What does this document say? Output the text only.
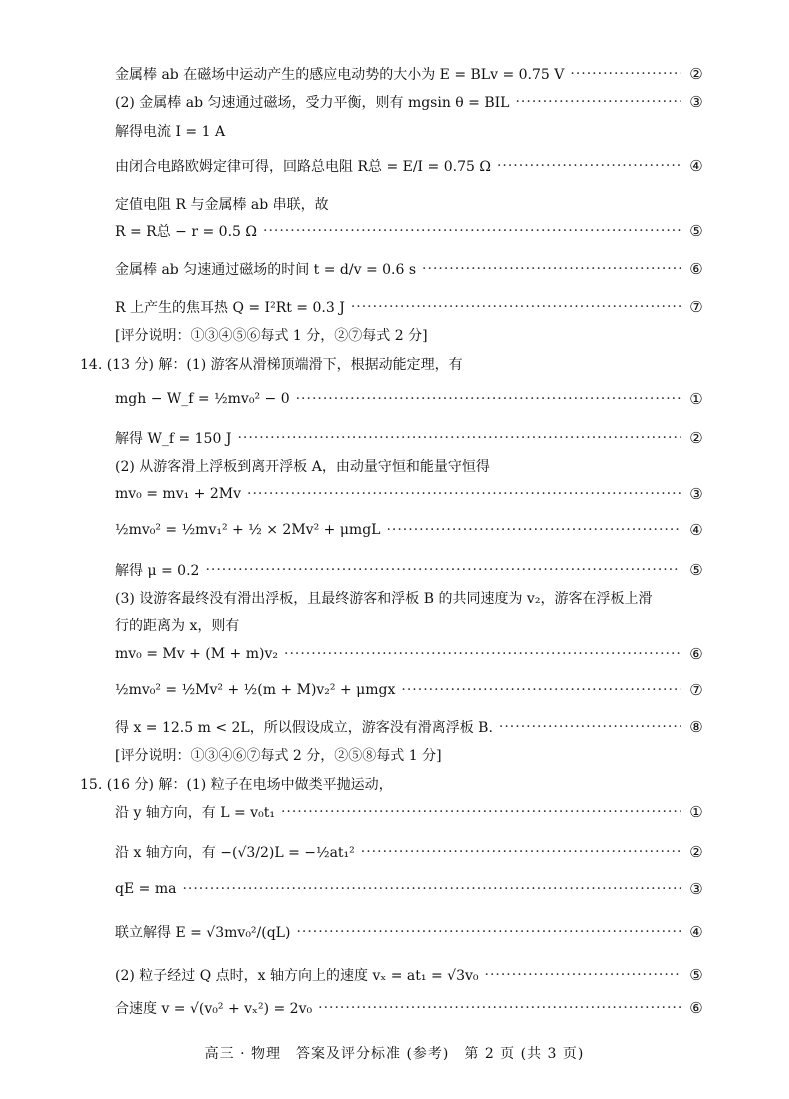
金属棒 ab 在磁场中运动产生的感应电动势的大小为 E = BLv = 0.75 V ·····	②
(2) 金属棒 ab 匀速通过磁场，受力平衡，则有 mgsin θ = BIL ·····	③
解得电流 I = 1 A
由闭合电路欧姆定律可得，回路总电阻 R总 = E/I = 0.75 Ω ·····	④
定值电阻 R 与金属棒 ab 串联，故
R = R总 − r = 0.5 Ω ·····	⑤
金属棒 ab 匀速通过磁场的时间 t = d/v = 0.6 s ·····	⑥
R 上产生的焦耳热 Q = I²Rt = 0.3 J ·····	⑦
[评分说明：①③④⑤⑥每式 1 分，②⑦每式 2 分]
14. (13 分) 解：(1) 游客从滑梯顶端滑下，根据动能定理，有
mgh − W_f = ½mv₀² − 0 ·····	①
解得 W_f = 150 J ·····	②
(2) 从游客滑上浮板到离开浮板 A，由动量守恒和能量守恒得
mv₀ = mv₁ + 2Mv ·····	③
½mv₀² = ½mv₁² + ½ × 2Mv² + μmgL ·····	④
解得 μ = 0.2 ·····	⑤
(3) 设游客最终没有滑出浮板，且最终游客和浮板 B 的共同速度为 v₂，游客在浮板上滑
行的距离为 x，则有
mv₀ = Mv + (M + m)v₂ ·····	⑥
½mv₀² = ½Mv² + ½(m + M)v₂² + μmgx ·····	⑦
得 x = 12.5 m < 2L，所以假设成立，游客没有滑离浮板 B. ·····	⑧
[评分说明：①③④⑥⑦每式 2 分，②⑤⑧每式 1 分]
15. (16 分) 解：(1) 粒子在电场中做类平抛运动，
沿 y 轴方向，有 L = v₀t₁ ·····	①
沿 x 轴方向，有 −(√3/2)L = −½at₁² ·····	②
qE = ma ·····	③
联立解得 E = √3mv₀²/(qL) ·····	④
(2) 粒子经过 Q 点时，x 轴方向上的速度 vₓ = at₁ = √3v₀ ·····	⑤
合速度 v = √(v₀² + vₓ²) = 2v₀ ·····	⑥
高三 · 物理　答案及评分标准 (参考)　第 2 页 (共 3 页)
